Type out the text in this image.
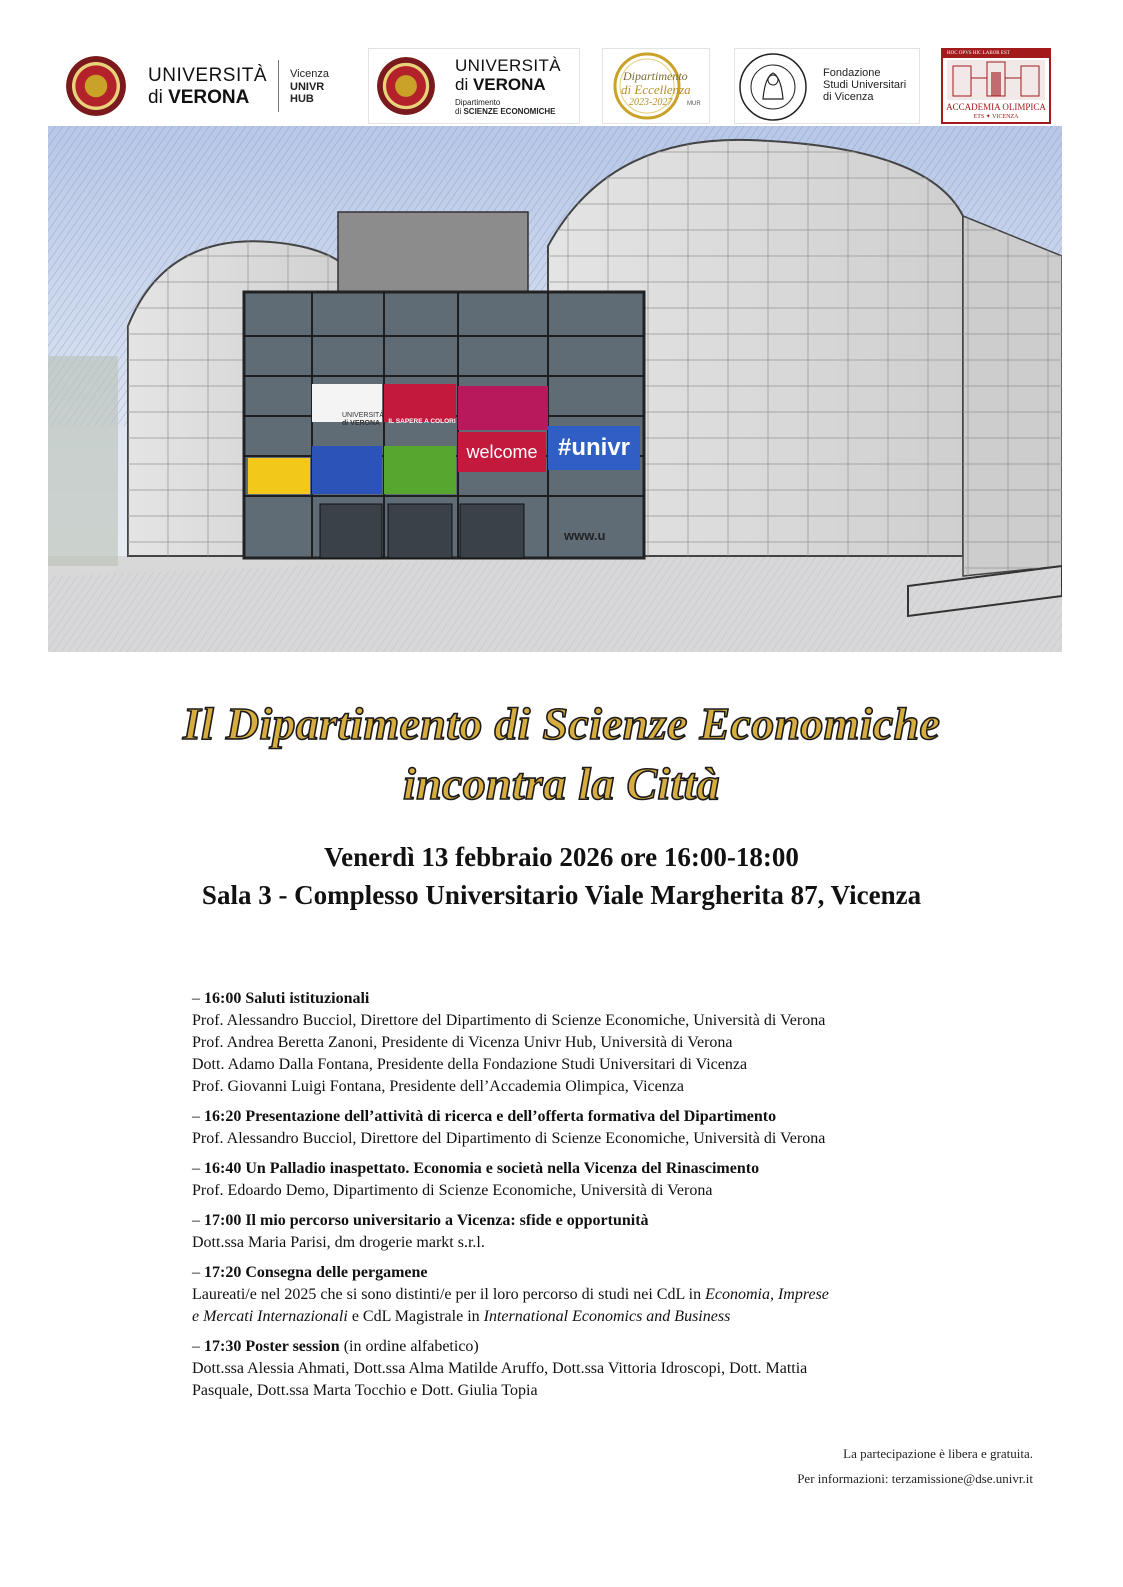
UNIVERSITÀ
di VERONA
Vicenza
UNIVR
HUB
UNIVERSITÀ
di VERONA
Dipartimento
di SCIENZE ECONOMICHE
Dipartimento
di Eccellenza
2023-2027 MUR
Fondazione
Studi Universitari
di Vicenza
HOC OPVS HIC LABOR EST
ACCADEMIA OLIMPICA
ETS ✦ VICENZA
UNIVERSITÀ
di VERONA	IL SAPERE A COLORI
welcome #univr
www.u
Il Dipartimento di Scienze Economiche
incontra la Città
Venerdì 13 febbraio 2026 ore 16:00-18:00
Sala 3 - Complesso Universitario Viale Margherita 87, Vicenza
– 16:00 Saluti istituzionali
Prof. Alessandro Bucciol, Direttore del Dipartimento di Scienze Economiche, Università di Verona
Prof. Andrea Beretta Zanoni, Presidente di Vicenza Univr Hub, Università di Verona
Dott. Adamo Dalla Fontana, Presidente della Fondazione Studi Universitari di Vicenza
Prof. Giovanni Luigi Fontana, Presidente dell’Accademia Olimpica, Vicenza
– 16:20 Presentazione dell’attività di ricerca e dell’offerta formativa del Dipartimento
Prof. Alessandro Bucciol, Direttore del Dipartimento di Scienze Economiche, Università di Verona
– 16:40 Un Palladio inaspettato. Economia e società nella Vicenza del Rinascimento
Prof. Edoardo Demo, Dipartimento di Scienze Economiche, Università di Verona
– 17:00 Il mio percorso universitario a Vicenza: sfide e opportunità
Dott.ssa Maria Parisi, dm drogerie markt s.r.l.
– 17:20 Consegna delle pergamene
Laureati/e nel 2025 che si sono distinti/e per il loro percorso di studi nei CdL in Economia, Imprese
e Mercati Internazionali e CdL Magistrale in International Economics and Business
– 17:30 Poster session (in ordine alfabetico)
Dott.ssa Alessia Ahmati, Dott.ssa Alma Matilde Aruffo, Dott.ssa Vittoria Idroscopi, Dott. Mattia
Pasquale, Dott.ssa Marta Tocchio e Dott. Giulia Topia
La partecipazione è libera e gratuita.
Per informazioni: terzamissione@dse.univr.it
